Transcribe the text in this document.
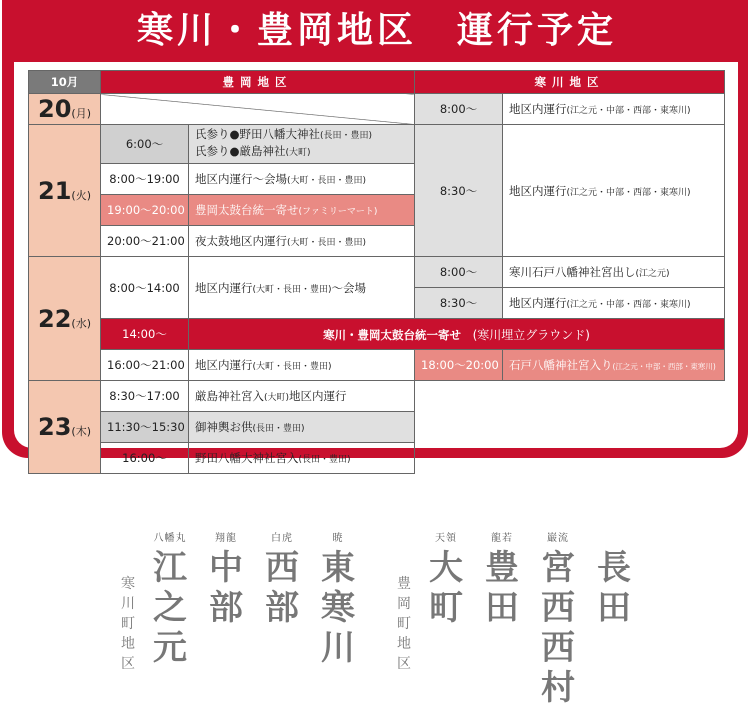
寒川・豊岡地区　運行予定
10月	豊岡地区		寒川地区	
20(月)			8:00〜	地区内運行(江之元・中部・西部・東寒川)
21(火)	6:00〜	氏参り●野田八幡大神社(長田・豊田)
氏参り●厳島神社(大町)	8:30〜	地区内運行(江之元・中部・西部・東寒川)
	8:00〜19:00	地区内運行〜会場(大町・長田・豊田)		
	19:00〜20:00	豊岡太鼓台統一寄せ(ファミリーマート)		
	20:00〜21:00	夜太鼓地区内運行(大町・長田・豊田)		
22(水)	8:00〜14:00	地区内運行(大町・長田・豊田)〜会場	8:00〜	寒川石戸八幡神社宮出し(江之元)
			8:30〜	地区内運行(江之元・中部・西部・東寒川)
	14:00〜	寒川・豊岡太鼓台統一寄せ　 (寒川埋立グラウンド)		
	16:00〜21:00	地区内運行(大町・長田・豊田)	18:00〜20:00	石戸八幡神社宮入り(江之元・中部・西部・東寒川)
23(木)	8:30〜17:00	厳島神社宮入(大町)地区内運行		
	11:30〜15:30	御神輿お供(長田・豊田)		
	16:00〜	野田八幡大神社宮入(長田・豊田)		
寒
川
町
地
区
豊
岡
町
地
区
八幡丸
江
之
元
翔龍
中
部
白虎
西
部
暁
東
寒
川
天領
大
町
龍若
豊
田
巌流
宮
西
西
村
長
田
